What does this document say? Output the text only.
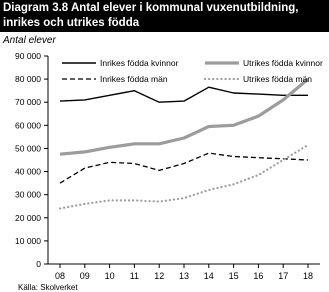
Diagram 3.8 Antal elever i kommunal vuxenutbildning,
inrikes och utrikes födda
Antal elever
0
10 000
20 000
30 000
40 000
50 000
60 000
70 000
80 000
90 000
08 09 10 11 12 13 14 15 16 17 18
Inrikes födda kvinnor	Utrikes födda kvinnor
Inrikes födda män	Utrikes födda män
Källa: Skolverket
